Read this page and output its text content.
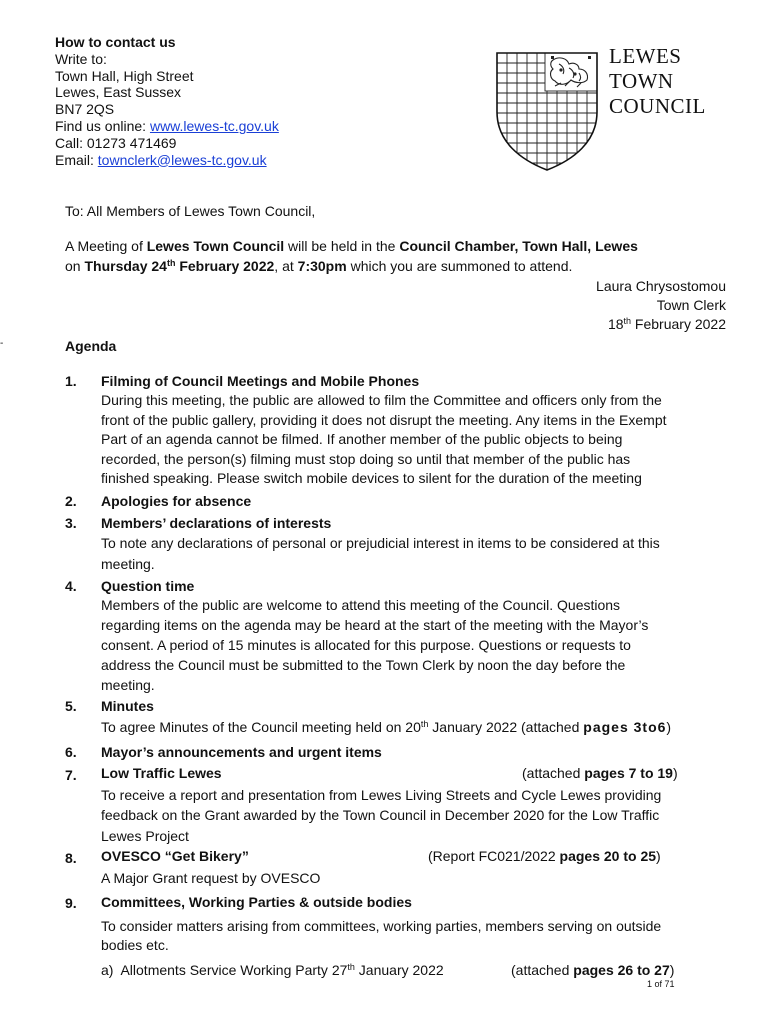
How to contact us
Write to:
Town Hall, High Street
Lewes, East Sussex
BN7 2QS
Find us online: www.lewes-tc.gov.uk
Call: 01273 471469
Email: townclerk@lewes-tc.gov.uk
LEWES
TOWN
COUNCIL
-
To: All Members of Lewes Town Council,
A Meeting of Lewes Town Council will be held in the Council Chamber, Town Hall, Lewes
on Thursday 24th February 2022, at 7:30pm which you are summoned to attend.
Laura Chrysostomou
Town Clerk
18th February 2022
Agenda
1. Filming of Council Meetings and Mobile Phones
During this meeting, the public are allowed to film the Committee and officers only from the
front of the public gallery, providing it does not disrupt the meeting. Any items in the Exempt
Part of an agenda cannot be filmed. If another member of the public objects to being
recorded, the person(s) filming must stop doing so until that member of the public has
finished speaking. Please switch mobile devices to silent for the duration of the meeting
2. Apologies for absence
3. Members’ declarations of interests
To note any declarations of personal or prejudicial interest in items to be considered at this
meeting.
4. Question time
Members of the public are welcome to attend this meeting of the Council. Questions
regarding items on the agenda may be heard at the start of the meeting with the Mayor’s
consent. A period of 15 minutes is allocated for this purpose. Questions or requests to
address the Council must be submitted to the Town Clerk by noon the day before the
meeting.
5. Minutes
To agree Minutes of the Council meeting held on 20th January 2022 (attached pages 3to6)
6. Mayor’s announcements and urgent items
7. Low Traffic Lewes	(attached pages 7 to 19)
To receive a report and presentation from Lewes Living Streets and Cycle Lewes providing
feedback on the Grant awarded by the Town Council in December 2020 for the Low Traffic
Lewes Project
8. OVESCO “Get Bikery”	(Report FC021/2022 pages 20 to 25)
A Major Grant request by OVESCO
9. Committees, Working Parties & outside bodies
To consider matters arising from committees, working parties, members serving on outside
bodies etc.
a)  Allotments Service Working Party 27th January 2022	(attached pages 26 to 27)
1 of 71
